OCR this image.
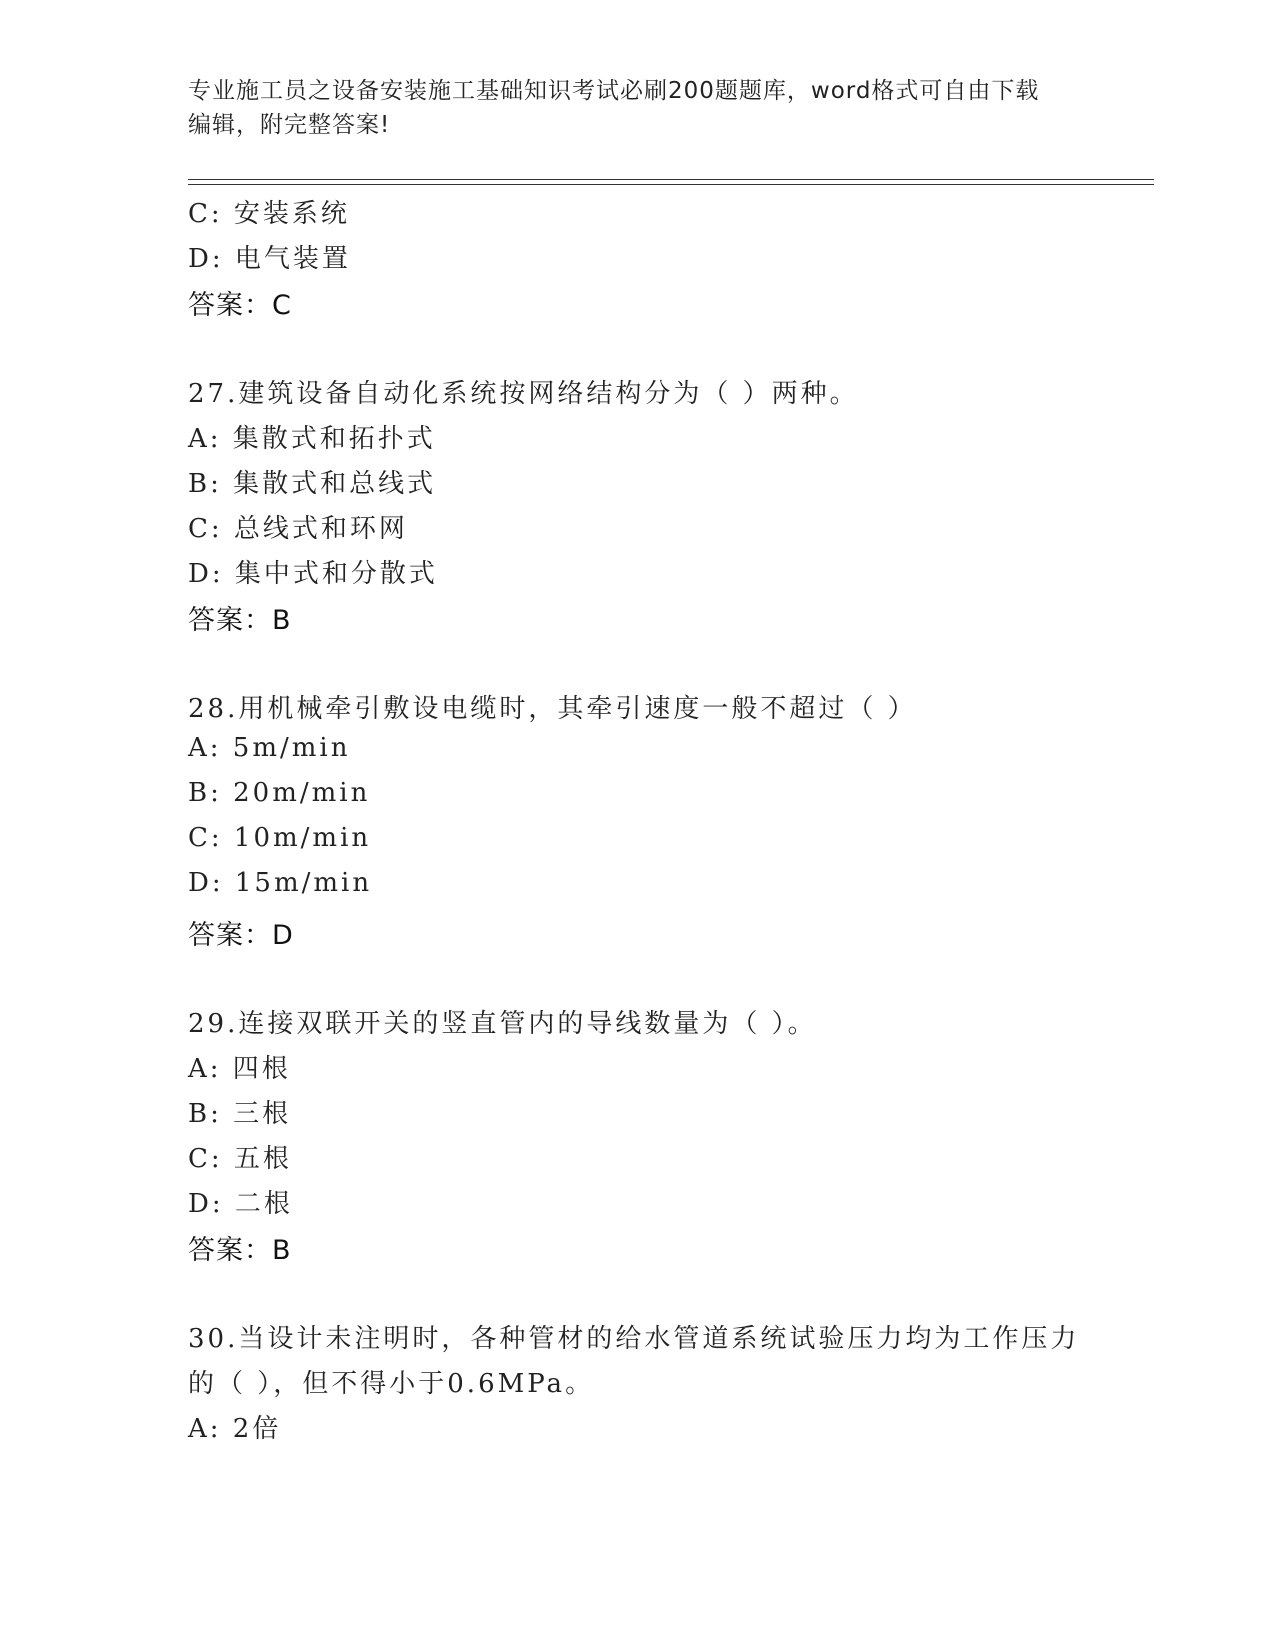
专业施工员之设备安装施工基础知识考试必刷200题题库，word格式可自由下载
编辑，附完整答案!
C: 安装系统
D: 电气装置
答案：C
27.建筑设备自动化系统按网络结构分为（ ）两种。
A: 集散式和拓扑式
B: 集散式和总线式
C: 总线式和环网
D: 集中式和分散式
答案：B
28.用机械牵引敷设电缆时，其牵引速度一般不超过（ ）
A: 5m/min
B: 20m/min
C: 10m/min
D: 15m/min
答案：D
29.连接双联开关的竖直管内的导线数量为（ ）。
A: 四根
B: 三根
C: 五根
D: 二根
答案：B
30.当设计未注明时，各种管材的给水管道系统试验压力均为工作压力
的（ ），但不得小于0.6MPa。
A: 2倍
